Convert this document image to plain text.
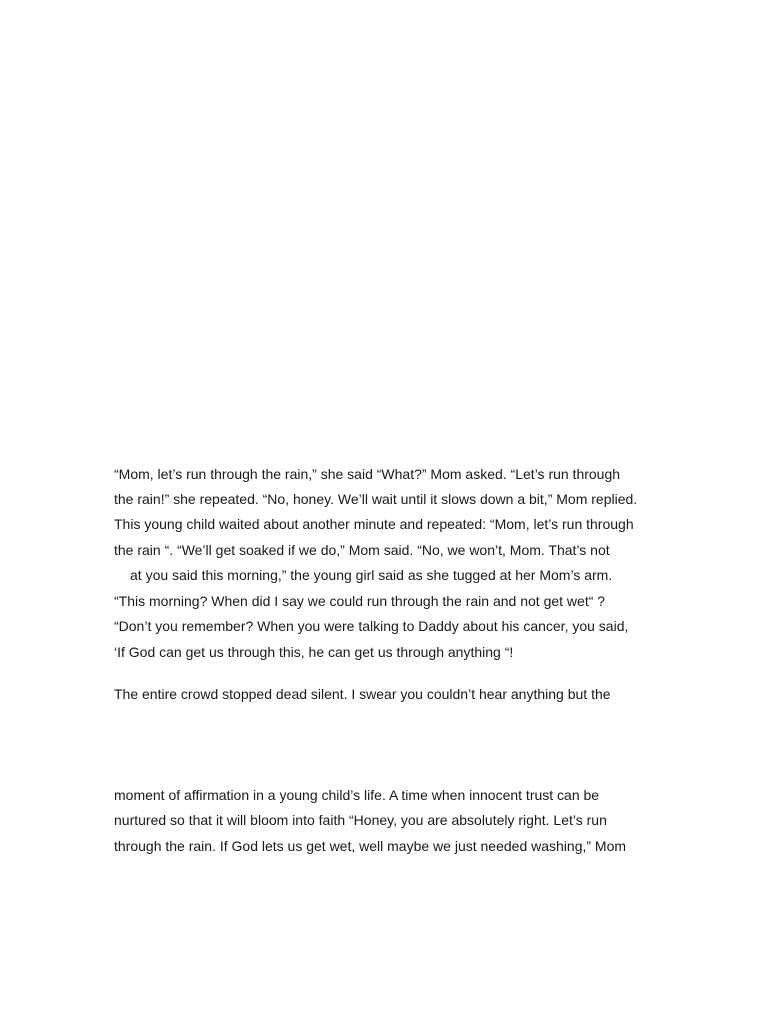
“Mom, let’s run through the rain,” she said “What?” Mom asked. “Let’s run through
the rain!” she repeated. “No, honey. We’ll wait until it slows down a bit,” Mom replied.
This young child waited about another minute and repeated: “Mom, let’s run through
the rain “. “We’ll get soaked if we do,” Mom said. “No, we won’t, Mom. That’s not
at you said this morning,” the young girl said as she tugged at her Mom’s arm.
“This morning? When did I say we could run through the rain and not get wet“ ?
“Don’t you remember? When you were talking to Daddy about his cancer, you said,
‘If God can get us through this, he can get us through anything “!
The entire crowd stopped dead silent. I swear you couldn’t hear anything but the
moment of affirmation in a young child’s life. A time when innocent trust can be
nurtured so that it will bloom into faith “Honey, you are absolutely right. Let’s run
through the rain. If God lets us get wet, well maybe we just needed washing,” Mom
